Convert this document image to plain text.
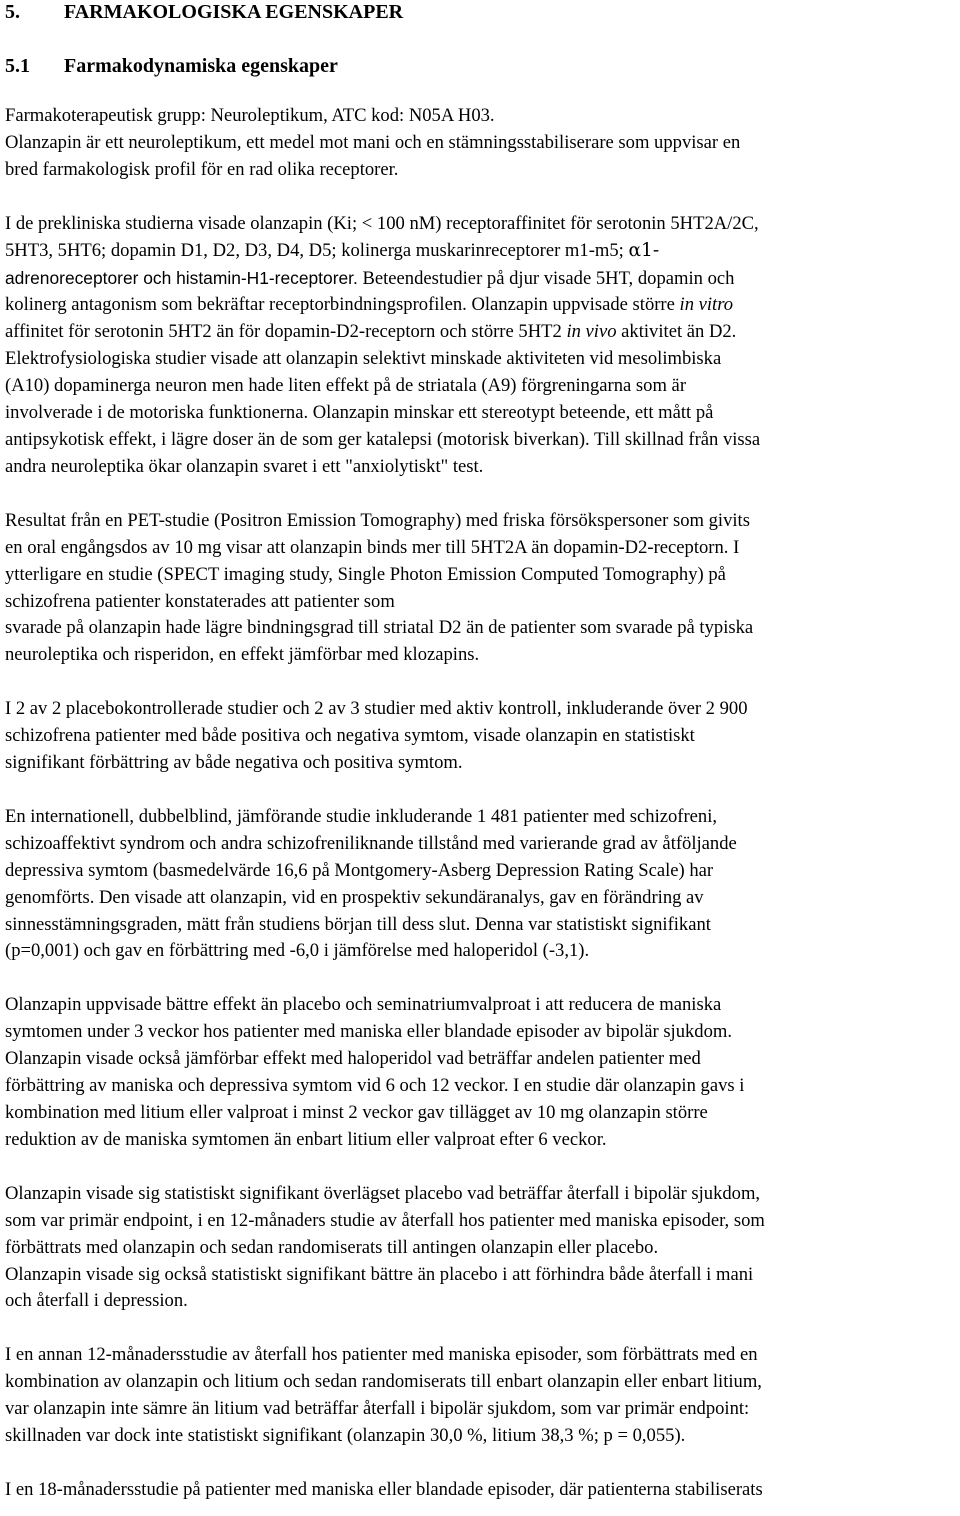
5. FARMAKOLOGISKA EGENSKAPER
5.1 Farmakodynamiska egenskaper

Farmakoterapeutisk grupp: Neuroleptikum, ATC kod: N05A H03.
Olanzapin är ett neuroleptikum, ett medel mot mani och en stämningsstabiliserare som uppvisar en
bred farmakologisk profil för en rad olika receptorer.

I de prekliniska studierna visade olanzapin (Ki; < 100 nM) receptoraffinitet för serotonin 5HT2A/2C,
5HT3, 5HT6; dopamin D1, D2, D3, D4, D5; kolinerga muskarinreceptorer m1-m5; α1-
adrenoreceptorer och histamin-H1-receptorer. Beteendestudier på djur visade 5HT, dopamin och
kolinerg antagonism som bekräftar receptorbindningsprofilen. Olanzapin uppvisade större in vitro
affinitet för serotonin 5HT2 än för dopamin-D2-receptorn och större 5HT2 in vivo aktivitet än D2.
Elektrofysiologiska studier visade att olanzapin selektivt minskade aktiviteten vid mesolimbiska
(A10) dopaminerga neuron men hade liten effekt på de striatala (A9) förgreningarna som är
involverade i de motoriska funktionerna. Olanzapin minskar ett stereotypt beteende, ett mått på
antipsykotisk effekt, i lägre doser än de som ger katalepsi (motorisk biverkan). Till skillnad från vissa
andra neuroleptika ökar olanzapin svaret i ett "anxiolytiskt" test.

Resultat från en PET-studie (Positron Emission Tomography) med friska försökspersoner som givits
en oral engångsdos av 10 mg visar att olanzapin binds mer till 5HT2A än dopamin-D2-receptorn. I
ytterligare en studie (SPECT imaging study, Single Photon Emission Computed Tomography) på
schizofrena patienter konstaterades att patienter som
svarade på olanzapin hade lägre bindningsgrad till striatal D2 än de patienter som svarade på typiska
neuroleptika och risperidon, en effekt jämförbar med klozapins.

I 2 av 2 placebokontrollerade studier och 2 av 3 studier med aktiv kontroll, inkluderande över 2 900
schizofrena patienter med både positiva och negativa symtom, visade olanzapin en statistiskt
signifikant förbättring av både negativa och positiva symtom.

En internationell, dubbelblind, jämförande studie inkluderande 1 481 patienter med schizofreni,
schizoaffektivt syndrom och andra schizofreniliknande tillstånd med varierande grad av åtföljande
depressiva symtom (basmedelvärde 16,6 på Montgomery-Asberg Depression Rating Scale) har
genomförts. Den visade att olanzapin, vid en prospektiv sekundäranalys, gav en förändring av
sinnesstämningsgraden, mätt från studiens början till dess slut. Denna var statistiskt signifikant
(p=0,001) och gav en förbättring med -6,0 i jämförelse med haloperidol (-3,1).

Olanzapin uppvisade bättre effekt än placebo och seminatriumvalproat i att reducera de maniska
symtomen under 3 veckor hos patienter med maniska eller blandade episoder av bipolär sjukdom.
Olanzapin visade också jämförbar effekt med haloperidol vad beträffar andelen patienter med
förbättring av maniska och depressiva symtom vid 6 och 12 veckor. I en studie där olanzapin gavs i
kombination med litium eller valproat i minst 2 veckor gav tillägget av 10 mg olanzapin större
reduktion av de maniska symtomen än enbart litium eller valproat efter 6 veckor.

Olanzapin visade sig statistiskt signifikant överlägset placebo vad beträffar återfall i bipolär sjukdom,
som var primär endpoint, i en 12-månaders studie av återfall hos patienter med maniska episoder, som
förbättrats med olanzapin och sedan randomiserats till antingen olanzapin eller placebo.
Olanzapin visade sig också statistiskt signifikant bättre än placebo i att förhindra både återfall i mani
och återfall i depression.

I en annan 12-månadersstudie av återfall hos patienter med maniska episoder, som förbättrats med en
kombination av olanzapin och litium och sedan randomiserats till enbart olanzapin eller enbart litium,
var olanzapin inte sämre än litium vad beträffar återfall i bipolär sjukdom, som var primär endpoint:
skillnaden var dock inte statistiskt signifikant (olanzapin 30,0 %, litium 38,3 %; p = 0,055).

I en 18-månadersstudie på patienter med maniska eller blandade episoder, där patienterna stabiliserats
